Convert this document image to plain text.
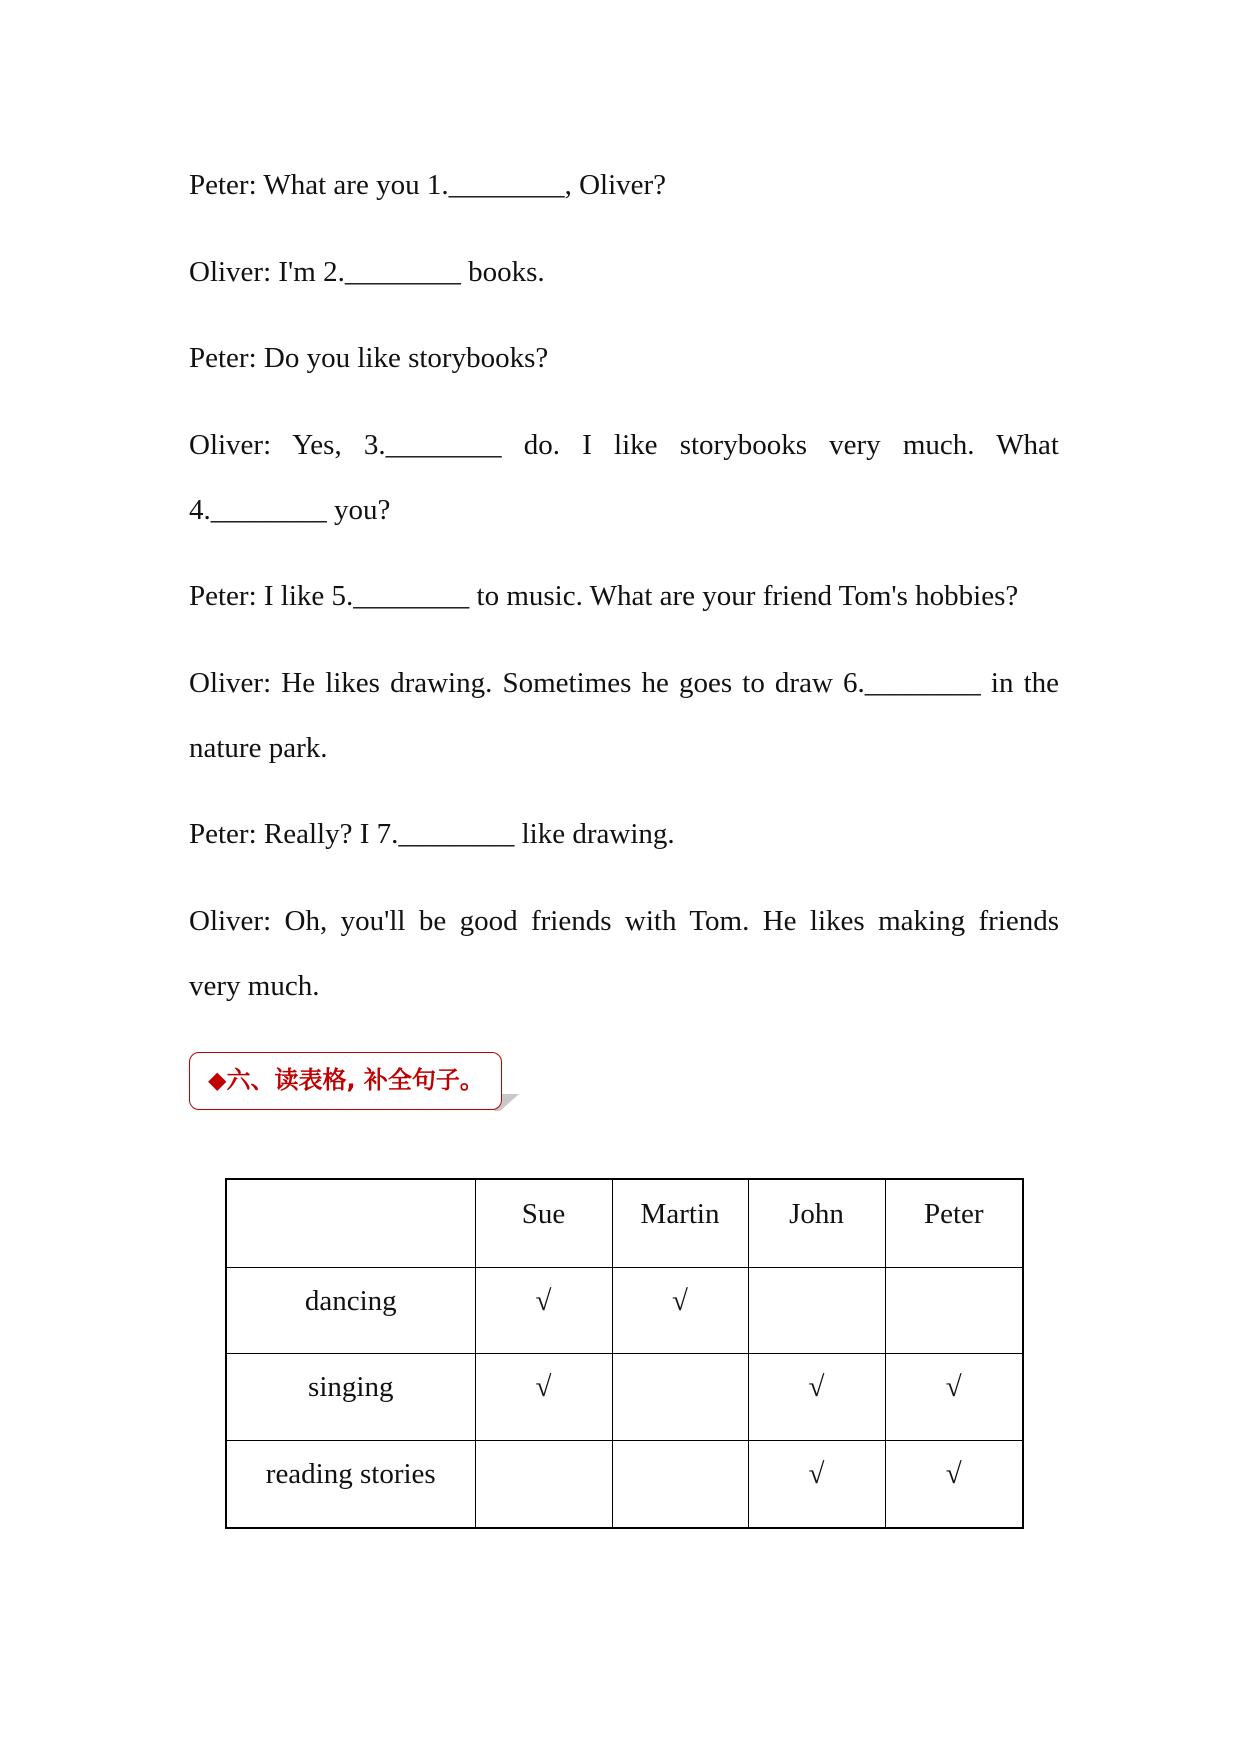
Peter: What are you 1.________, Oliver?
Oliver: I'm 2.________ books.
Peter: Do you like storybooks?
Oliver: Yes, 3.________ do. I like storybooks very much. What
4.________ you?
Peter: I like 5.________ to music. What are your friend Tom's hobbies?
Oliver: He likes drawing. Sometimes he goes to draw 6.________ in the
nature park.
Peter: Really? I 7.________ like drawing.
Oliver: Oh, you'll be good friends with Tom. He likes making friends
very much.
◆六、读表格, 补全句子。
	Sue	Martin	John	Peter
dancing	√	√		
singing	√		√	√
reading stories			√	√
